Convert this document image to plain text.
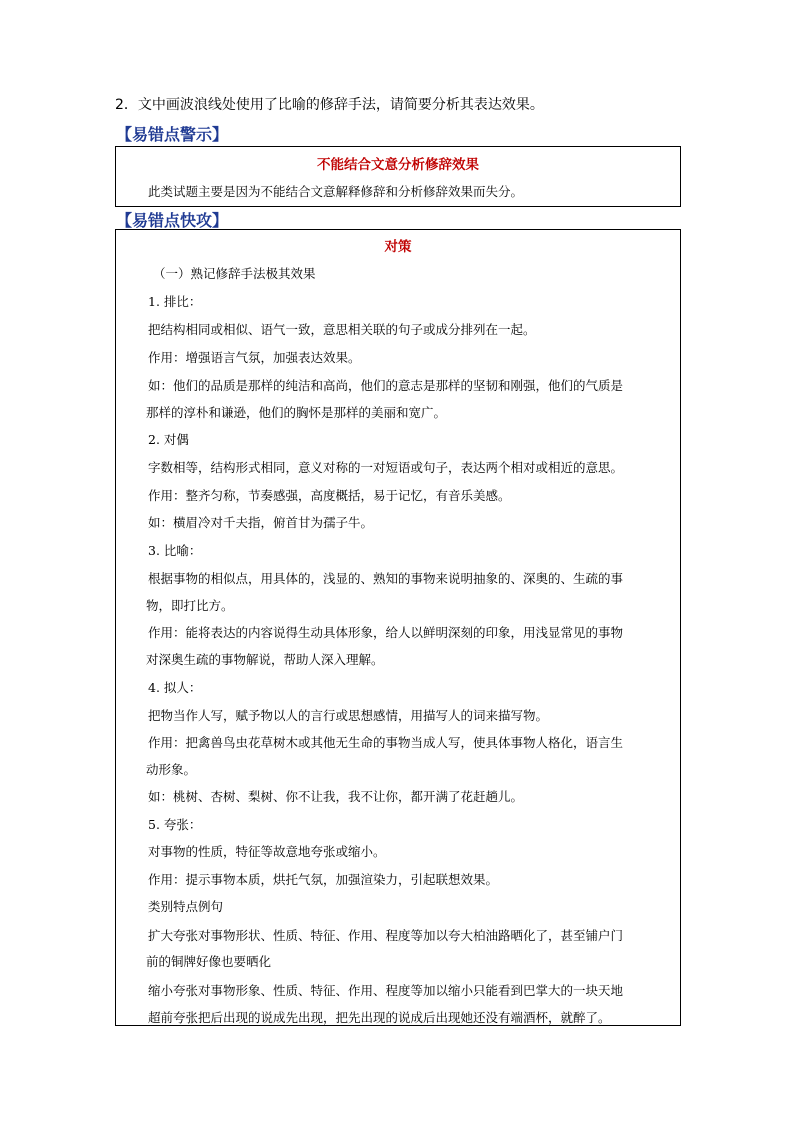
2．文中画波浪线处使用了比喻的修辞手法，请简要分析其表达效果。
【易错点警示】
不能结合文意分析修辞效果
此类试题主要是因为不能结合文意解释修辞和分析修辞效果而失分。
【易错点快攻】
对策
（一）熟记修辞手法极其效果
1. 排比：
把结构相同或相似、语气一致，意思相关联的句子或成分排列在一起。
作用：增强语言气氛，加强表达效果。
如：他们的品质是那样的纯洁和高尚，他们的意志是那样的坚韧和刚强，他们的气质是
那样的淳朴和谦逊，他们的胸怀是那样的美丽和宽广。
2. 对偶
字数相等，结构形式相同，意义对称的一对短语或句子，表达两个相对或相近的意思。
作用：整齐匀称，节奏感强，高度概括，易于记忆，有音乐美感。
如：横眉冷对千夫指，俯首甘为孺子牛。
3. 比喻：
根据事物的相似点，用具体的，浅显的、熟知的事物来说明抽象的、深奥的、生疏的事
物，即打比方。
作用：能将表达的内容说得生动具体形象，给人以鲜明深刻的印象，用浅显常见的事物
对深奥生疏的事物解说，帮助人深入理解。
4. 拟人：
把物当作人写，赋予物以人的言行或思想感情，用描写人的词来描写物。
作用：把禽兽鸟虫花草树木或其他无生命的事物当成人写，使具体事物人格化，语言生
动形象。
如：桃树、杏树、梨树、你不让我，我不让你，都开满了花赶趟儿。
5. 夸张：
对事物的性质，特征等故意地夸张或缩小。
作用：提示事物本质，烘托气氛，加强渲染力，引起联想效果。
类别特点例句
扩大夸张对事物形状、性质、特征、作用、程度等加以夸大柏油路晒化了，甚至铺户门
前的铜牌好像也要晒化
缩小夸张对事物形象、性质、特征、作用、程度等加以缩小只能看到巴掌大的一块天地
超前夸张把后出现的说成先出现，把先出现的说成后出现她还没有端酒杯，就醉了。
